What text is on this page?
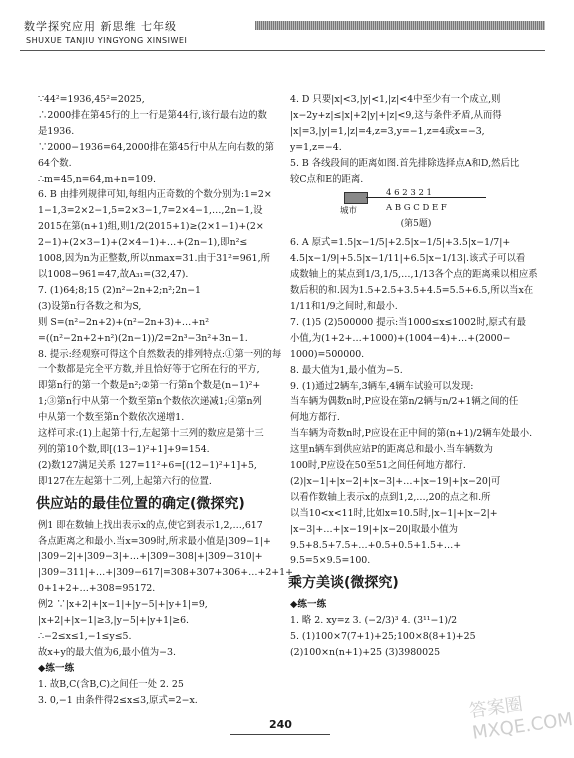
数学探究应用 新思维 七年级
SHUXUE TANJIU YINGYONG XINSIWEI
∵44²=1936,45²=2025,
∴2000排在第45行的上一行是第44行,该行最右边的数
是1936.
∵2000−1936=64,2000排在第45行中从左向右数的第
64个数.
∴m=45,n=64,m+n=109.
6. B 由排列规律可知,每组内正奇数的个数分别为:1=2×
1−1,3=2×2−1,5=2×3−1,7=2×4−1,…,2n−1,设
2015在第(n+1)组,则1/2(2015+1)≥(2×1−1)+(2×
2−1)+(2×3−1)+(2×4−1)+…+(2n−1),即n²≤
1008,因为n为正整数,所以nmax=31.由于31²=961,所
以1008−961=47,故A₃₁=(32,47).
7. (1)64;8;15 (2)n²−2n+2;n²;2n−1
(3)设第n行各数之和为S,
则 S=(n²−2n+2)+(n²−2n+3)+…+n²
=((n²−2n+2+n²)(2n−1))/2=2n³−3n²+3n−1.
8. 提示:经观察可得这个自然数表的排列特点:①第一列的每
一个数都是完全平方数,并且恰好等于它所在行的平方,
即第n行的第一个数是n²;②第一行第n个数是(n−1)²+
1;③第n行中从第一个数至第n个数依次递减1;④第n列
中从第一个数至第n个数依次递增1.
这样可求:(1)上起第十行,左起第十三列的数应是第十三
列的第10个数,即[(13−1)²+1]+9=154.
(2)数127满足关系 127=11²+6=[(12−1)²+1]+5,
即127在左起第十二列,上起第六行的位置.
供应站的最佳位置的确定(微探究)
例1 即在数轴上找出表示x的点,使它到表示1,2,…,617
各点距离之和最小.当x=309时,所求最小值是|309−1|+
|309−2|+|309−3|+…+|309−308|+|309−310|+
|309−311|+…+|309−617|=308+307+306+…+2+1+
0+1+2+…+308=95172.
例2 ∵|x+2|+|x−1|+|y−5|+|y+1|=9,
|x+2|+|x−1|≥3,|y−5|+|y+1|≥6.
∴−2≤x≤1,−1≤y≤5.
故x+y的最大值为6,最小值为−3.
◆练一练
1. 故B,C(含B,C)之间任一处 2. 25
3. 0,−1 由条件得2≤x≤3,原式=2−x.
4. D 只要|x|<3,|y|<1,|z|<4中至少有一个成立,则
|x−2y+z|≤|x|+2|y|+|z|<9,这与条件矛盾,从而得
|x|=3,|y|=1,|z|=4,z=3,y=−1,z=4或x=−3,
y=1,z=−4.
5. B 各线段间的距离如图.首先排除选择点A和D,然后比
较C点和E的距离.
4 6 2 3 2 1
A B G C D E F
城市
(第5题)
6. A 原式=1.5|x−1/5|+2.5|x−1/5|+3.5|x−1/7|+
4.5|x−1/9|+5.5|x−1/11|+6.5|x−1/13|.该式子可以看
成数轴上的某点到1/3,1/5,…,1/13各个点的距离乘以相应系
数后积的和.因为1.5+2.5+3.5+4.5=5.5+6.5,所以当x在
1/11和1/9之间时,和最小.
7. (1)5 (2)500000 提示:当1000≤x≤1002时,原式有最
小值,为(1+2+…+1000)+(1004−4)+…+(2000−
1000)=500000.
8. 最大值为1,最小值为−5.
9. (1)通过2辆车,3辆车,4辆车试验可以发现:
当车辆为偶数n时,P应设在第n/2辆与n/2+1辆之间的任
何地方都行.
当车辆为奇数n时,P应设在正中间的第(n+1)/2辆车处最小.
这里n辆车到供应站P的距离总和最小.当车辆数为
100时,P应设在50至51之间任何地方都行.
(2)|x−1|+|x−2|+|x−3|+…+|x−19|+|x−20|可
以看作数轴上表示x的点到1,2,…,20的点之和.所
以当10<x<11时,比如x=10.5时,|x−1|+|x−2|+
|x−3|+…+|x−19|+|x−20|取最小值为
9.5+8.5+7.5+…+0.5+0.5+1.5+…+
9.5=5×9.5=100.
乘方美谈(微探究)
◆练一练
1. 略 2. xy=z 3. (−2/3)³ 4. (3¹¹−1)/2
5. (1)100×7(7+1)+25;100×8(8+1)+25
(2)100×n(n+1)+25 (3)3980025
240
答案圈 MXQE.COM
